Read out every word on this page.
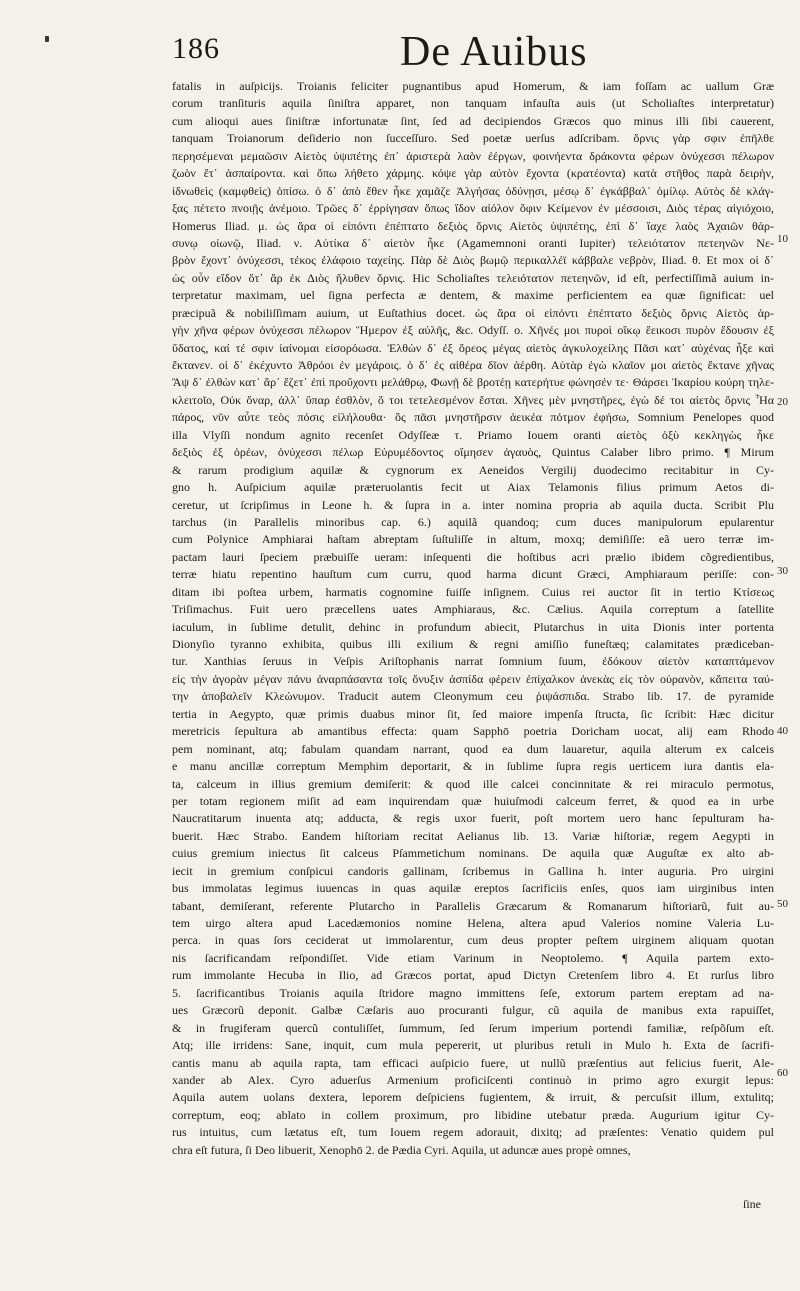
186	De Auibus
fatalis in auſpicijs. Troianis feliciter pugnantibus apud Homerum, & iam foſſam ac uallum Græ
corum tranſituris aquila ſiniſtra apparet, non tanquam infauſta auis (ut Scholiaſtes interpretatur)
cum alioqui aues ſiniſtræ infortunatæ ſint, ſed ad decipiendos Græcos quo minus illi ſibi cauerent,
tanquam Troianorum deſiderio non ſucceſſuro. Sed poetæ uerſus adſcribam. ὄρνις γὰρ σφιν ἐπῆλθε
περησέμεναι μεμαῶσιν Αἰετὸς ὑψιπέτης ἐπ᾽ ἀριστερὰ λαὸν ἐέργων, φοινήεντα δράκοντα φέρων ὀνύχεσσι πέλωρον
ζωὸν ἔτ᾽ ἀσπαίροντα. καὶ ὅπω λήθετο χάρμης. κόψε γὰρ αὐτὸν ἔχοντα (κρατέοντα) κατὰ στῆθος παρὰ δειρὴν,
ἰδνωθεὶς (καμφθεὶς) ὀπίσω. ὁ δ᾽ ἀπὸ ἕθεν ἧκε χαμᾶζε Ἀλγήσας ὀδύνῃσι, μέσῳ δ᾽ ἐγκάββαλ᾽ ὁμίλῳ. Αὐτὸς δὲ κλάγ-
ξας πέτετο πνοιῇς ἀνέμοιο. Τρῶες δ᾽ ἐρρίγησαν ὅπως ἴδον αἰόλον ὄφιν Κείμενον ἐν μέσσοισι, Διὸς τέρας αἰγιόχοιο,
Homerus Iliad. μ. ὡς ἄρα οἱ εἰπόντι ἐπέπτατο δεξιὸς ὄρνις Αἰετὸς ὑψιπέτης, ἐπὶ δ᾽ ἴαχε λαὸς Ἀχαιῶν θάρ-
συνῳ οἰωνῷ, Iliad. ν. Αὐτίκα δ᾽ αἰετὸν ἧκε (Agamemnoni oranti Iupiter) τελειότατον πετεηνῶν Νε-
βρὸν ἔχοντ᾽ ὀνύχεσσι, τέκος ἐλάφοιο ταχείης. Πὰρ δὲ Διὸς βωμῷ περικαλλέϊ κάββαλε νεβρὸν, Iliad. θ. Et mox οἱ δ᾽
ὡς οὖν εἴδον ὅτ᾽ ἄρ ἐκ Διὸς ἤλυθεν ὄρνις. Hic Scholiaſtes τελειότατον πετεηνῶν, id eſt, perfectiſſimã auium in-
terpretatur maximam, uel ſigna perfecta æ dentem, & maxime perficientem ea quæ ſignificat: uel
præcipuã & nobiliſſimam auium, ut Euſtathius docet. ὡς ἄρα οἱ εἰπόντι ἐπέπτατο δεξιὸς ὄρνις Αἰετὸς ἀρ-
γὴν χῆνα φέρων ὀνύχεσσι πέλωρον Ἥμερον ἐξ αὐλῆς, &c. Odyſſ. ο. Χῆνές μοι πυροὶ οἴκῳ ἔεικοσι πυρὸν ἔδουσιν ἐξ
ὕδατος, καί τέ σφιν ἰαίνομαι εἰσορόωσα. Ἐλθὼν δ᾽ ἐξ ὄρεος μέγας αἰετὸς ἀγκυλοχείλης Πᾶσι κατ᾽ αὐχένας ἦξε καὶ
ἔκτανεν. οἱ δ᾽ ἐκέχυντο Ἀθρόοι ἐν μεγάροις. ὁ δ᾽ ἐς αἰθέρα δῖον ἀέρθη. Αὐτὰρ ἐγὼ κλαῖον μοι αἰετὸς ἔκτανε χῆνας
Ἂψ δ᾽ ἐλθὼν κατ᾽ ἄρ᾽ ἕζετ᾽ ἐπὶ προὔχοντι μελάθρῳ, Φωνῇ δὲ βροτέῃ κατερήτυε φώνησέν τε· Θάρσει Ἰκαρίου κούρη τηλε-
κλειτοῖο, Οὐκ ὄναρ, ἀλλ᾽ ὕπαρ ἐσθλὸν, ὅ τοι τετελεσμένον ἔσται. Χῆνες μὲν μνηστῆρες, ἐγὼ δέ τοι αἰετὸς ὄρνις Ἧα
πάρος, νῦν αὖτε τεὸς πόσις εἰλήλουθα· ὃς πᾶσι μνηστῆρσιν ἀεικέα πότμον ἐφήσω, Somnium Penelopes quod
illa Vlyſſi nondum agnito recenſet Odyſſeæ τ. Priamo Iouem oranti αἰετὸς ὀξὺ κεκληγὼς ἧκε
δεξιὸς ἐξ ὀρέων, ὀνύχεσσι πέλωρ Εὐρυμέδοντος οἴμησεν ἀγαυὸς, Quintus Calaber libro primo. ¶ Mirum
& rarum prodigium aquilæ & cygnorum ex Aeneidos Vergilij duodecimo recitabitur in Cy-
gno h. Auſpicium aquilæ præteruolantis fecit ut Aiax Telamonis filius primum Aetos di-
ceretur, ut ſcripſimus in Leone h. & ſupra in a. inter nomina propria ab aquila ducta. Scribit Plu
tarchus (in Parallelis minoribus cap. 6.) aquilã quandoq; cum duces manipulorum epularentur
cum Polynice Amphiarai haſtam abreptam ſuſtuliſſe in altum, moxq; demiſiſſe: eã uero terræ im-
pactam lauri ſpeciem præbuiſſe ueram: inſequenti die hoſtibus acri prælio ibidem cõgredientibus,
terræ hiatu repentino hauſtum cum curru, quod harma dicunt Græci, Amphiaraum periſſe: con-
ditam ibi poſtea urbem, harmatis cognomine fuiſſe inſignem. Cuius rei auctor ſit in tertio Κτίσεως
Triſimachus. Fuit uero præcellens uates Amphiaraus, &c. Cælius. Aquila correptum a ſatellite
iaculum, in ſublime detulit, dehinc in profundum abiecit, Plutarchus in uita Dionis inter portenta
Dionyſio tyranno exhibita, quibus illi exilium & regni amiſſio funeſtæq; calamitates prædiceban-
tur. Xanthias ſeruus in Veſpis Ariſtophanis narrat ſomnium ſuum, ἐδόκουν αἰετὸν καταπτάμενον
εἰς τὴν ἀγορὰν μέγαν πάνυ ἀναρπάσαντα τοῖς ὄνυξιν ἀσπίδα φέρειν ἐπίχαλκον ἀνεκὰς εἰς τὸν οὐρανὸν, κἄπειτα ταύ-
την ἀποβαλεῖν Κλεώνυμον. Traducit autem Cleonymum ceu ῥιψάσπιδα. Strabo lib. 17. de pyramide
tertia in Aegypto, quæ primis duabus minor ſit, ſed maiore impenſa ſtructa, ſic ſcribit: Hæc dicitur
meretricis ſepultura ab amantibus effecta: quam Sapphō poetria Doricham uocat, alij eam Rhodo
pem nominant, atq; fabulam quandam narrant, quod ea dum lauaretur, aquila alterum ex calceis
e manu ancillæ correptum Memphim deportarit, & in ſublime ſupra regis uerticem iura dantis ela-
ta, calceum in illius gremium demiſerit: & quod ille calcei concinnitate & rei miraculo permotus,
per totam regionem miſit ad eam inquirendam quæ huiuſmodi calceum ferret, & quod ea in urbe
Naucratitarum inuenta atq; adducta, & regis uxor fuerit, poſt mortem uero hanc ſepulturam ha-
buerit. Hæc Strabo. Eandem hiſtoriam recitat Aelianus lib. 13. Variæ hiſtoriæ, regem Aegypti in
cuius gremium iniectus ſit calceus Pſammetichum nominans. De aquila quæ Auguſtæ ex alto ab-
iecit in gremium conſpicui candoris gallinam, ſcribemus in Gallina h. inter auguria. Pro uirgini
bus immolatas legimus iuuencas in quas aquilæ ereptos ſacrificiis enſes, quos iam uirginibus inten
tabant, demiſerant, referente Plutarcho in Parallelis Græcarum & Romanarum hiſtoriarũ, fuit au-
tem uirgo altera apud Lacedæmonios nomine Helena, altera apud Valerios nomine Valeria Lu-
perca. in quas ſors ceciderat ut immolarentur, cum deus propter peſtem uirginem aliquam quotan
nis ſacrificandam reſpondiſſet. Vide etiam Varinum in Neoptolemo. ¶ Aquila partem exto-
rum immolante Hecuba in Ilio, ad Græcos portat, apud Dictyn Cretenſem libro 4. Et rurſus libro
5. ſacrificantibus Troianis aquila ſtridore magno immittens ſeſe, extorum partem ereptam ad na-
ues Græcorũ deponit. Galbæ Cæſaris auo procuranti fulgur, cũ aquila de manibus exta rapuiſſet,
& in frugiferam quercũ contuliſſet, ſummum, ſed ſerum imperium portendi familiæ, reſpõſum eſt.
Atq; ille irridens: Sane, inquit, cum mula pepererit, ut pluribus retuli in Mulo h. Exta de ſacrifi-
cantis manu ab aquila rapta, tam efficaci auſpicio fuere, ut nullũ præſentius aut felicius fuerit, Ale-
xander ab Alex. Cyro aduerſus Armenium proficiſcenti continuò in primo agro exurgit lepus:
Aquila autem uolans dextera, leporem deſpiciens fugientem, & irruit, & percuſsit illum, extulitq;
correptum, eoq; ablato in collem proximum, pro libidine utebatur præda. Augurium igitur Cy-
rus intuitus, cum lætatus eſt, tum Iouem regem adorauit, dixitq; ad præſentes: Venatio quidem pul
chra eſt futura, ſi Deo libuerit, Xenophō 2. de Pædia Cyri. Aquila, ut aduncæ aues propè omnes,
10
20
30
40
50
60
ſine
